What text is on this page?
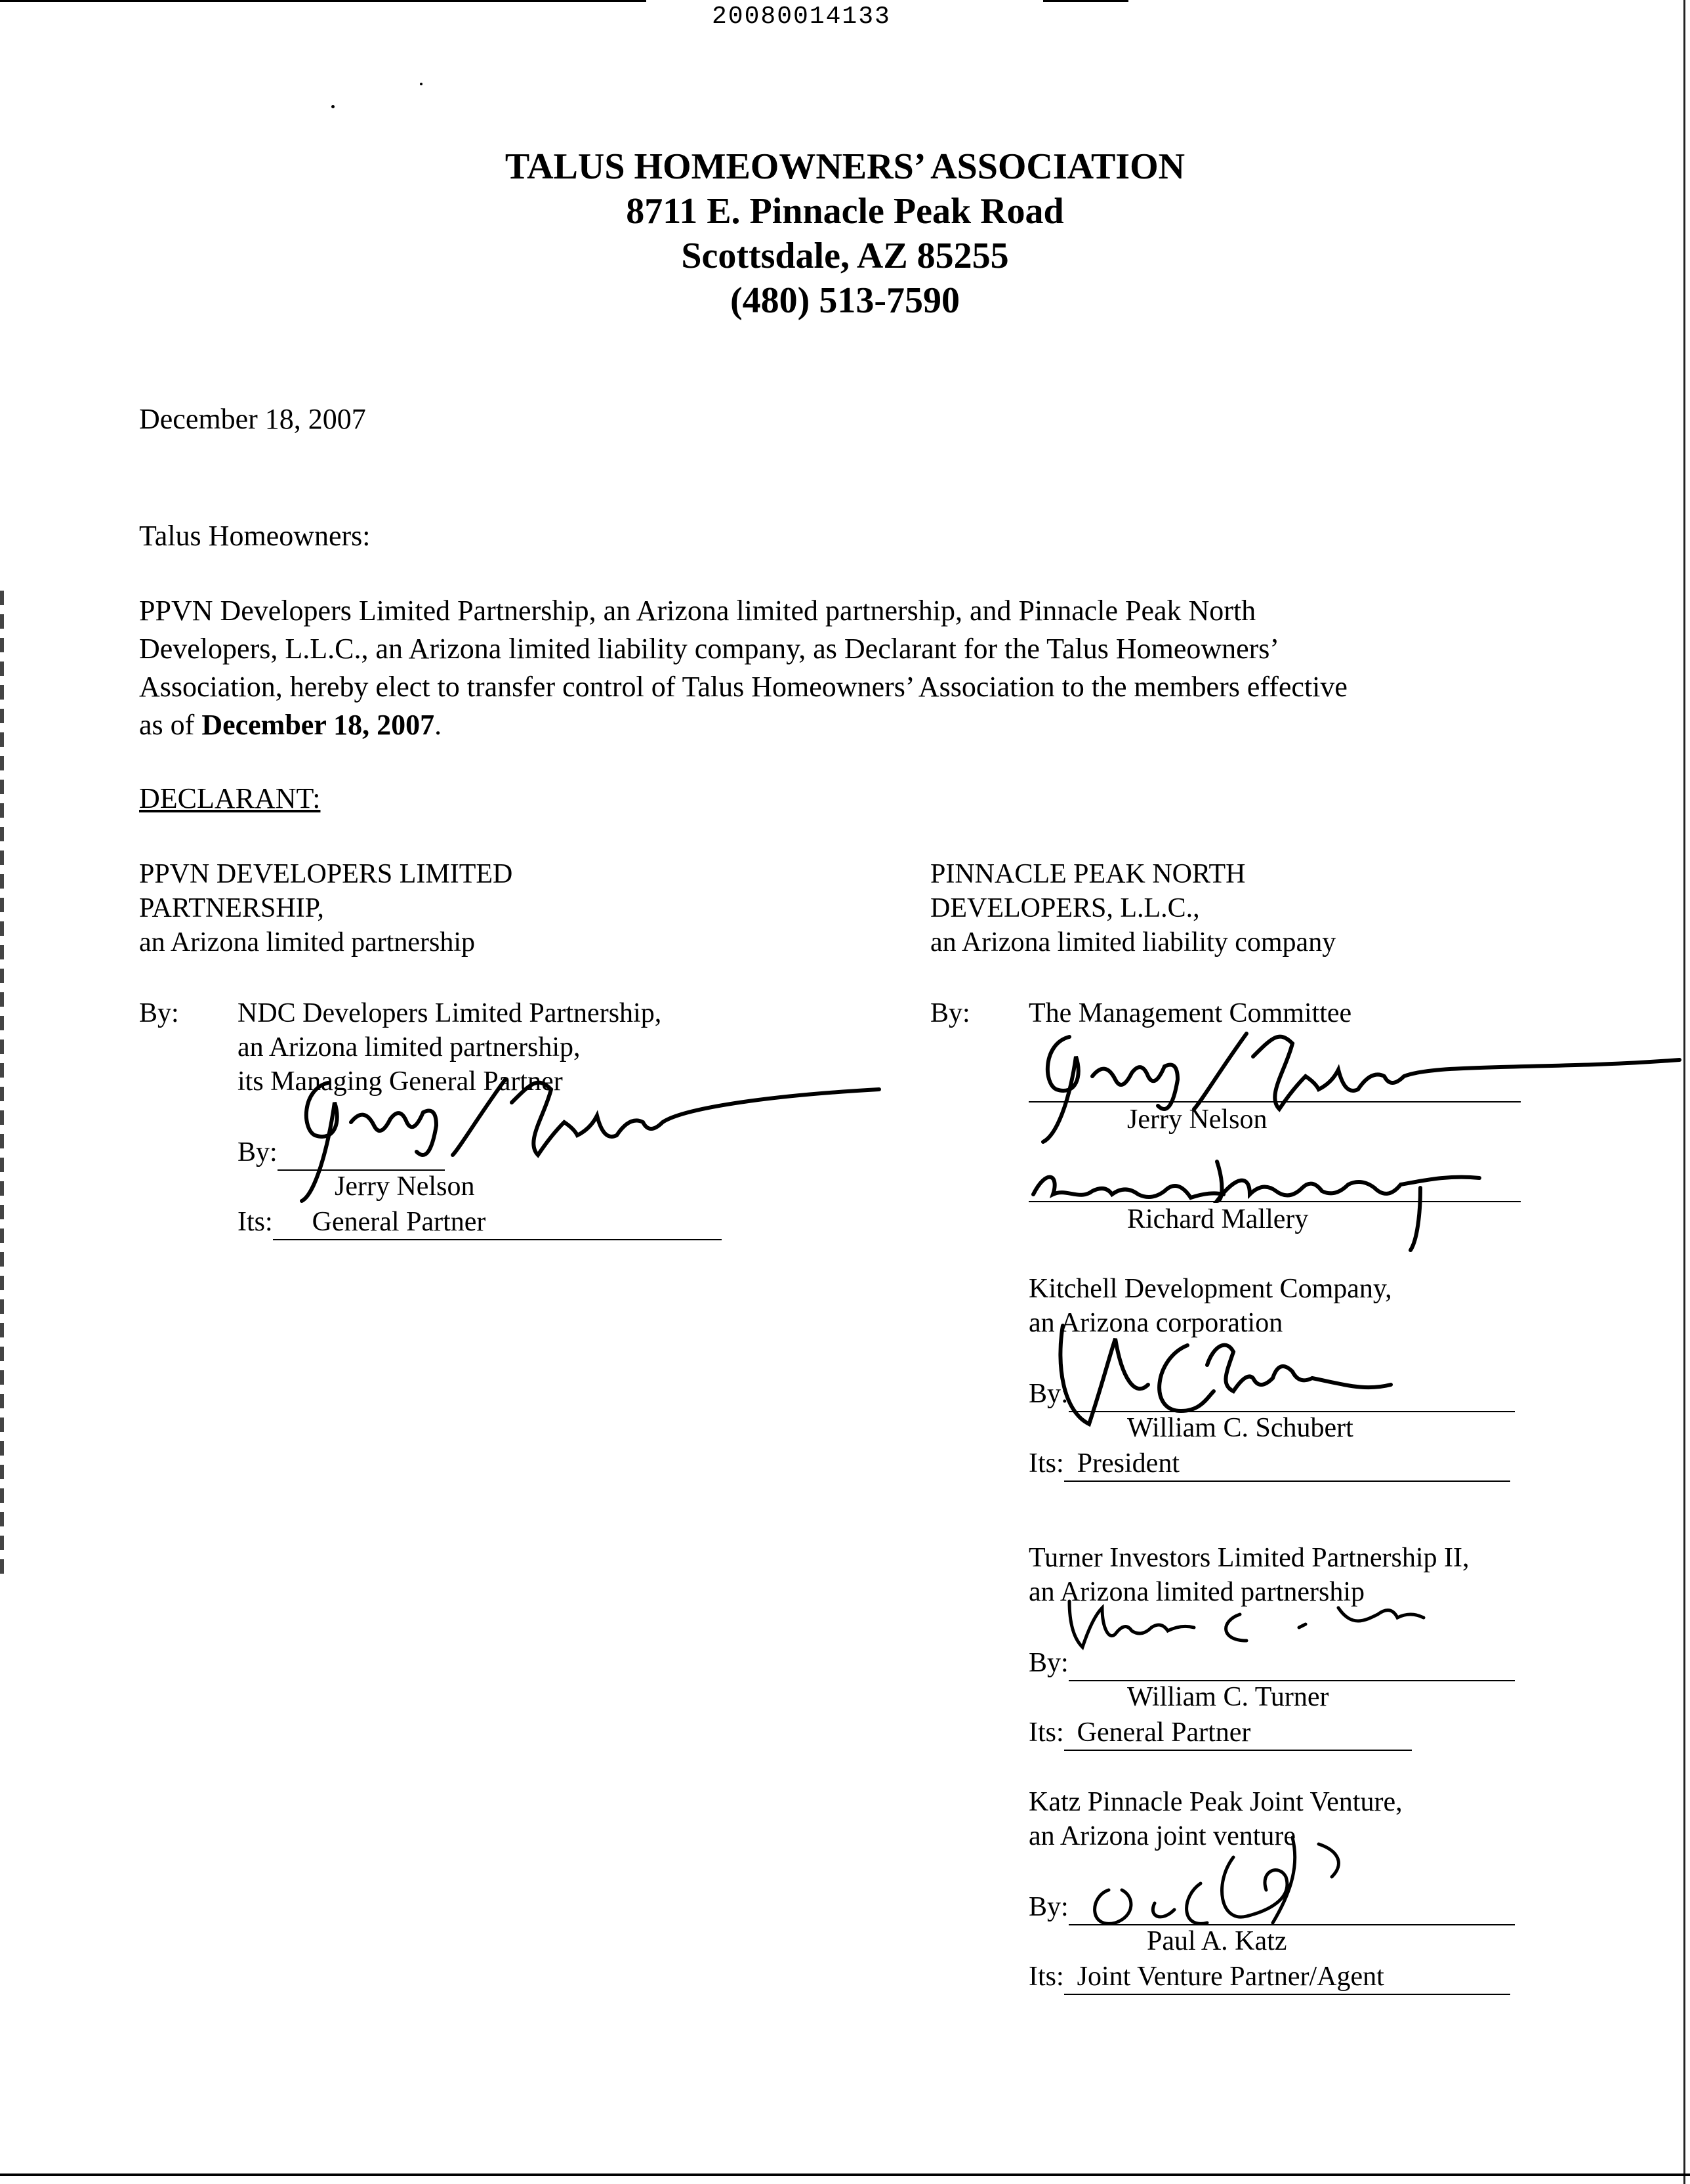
20080014133
TALUS HOMEOWNERS’ ASSOCIATION
8711 E. Pinnacle Peak Road
Scottsdale, AZ 85255
(480) 513-7590
December 18, 2007
Talus Homeowners:
PPVN Developers Limited Partnership, an Arizona limited partnership, and Pinnacle Peak North
Developers, L.L.C., an Arizona limited liability company, as Declarant for the Talus Homeowners’
Association, hereby elect to transfer control of Talus Homeowners’ Association to the members effective
as of December 18, 2007.
DECLARANT:
PPVN DEVELOPERS LIMITED
PARTNERSHIP,
an Arizona limited partnership
By: NDC Developers Limited Partnership,
an Arizona limited partnership,
its Managing General Partner
By:
Jerry Nelson
Its: General Partner
PINNACLE PEAK NORTH
DEVELOPERS, L.L.C.,
an Arizona limited liability company
By: The Management Committee
Jerry Nelson
Richard Mallery
Kitchell Development Company,
an Arizona corporation
By:
William C. Schubert
Its: President
Turner Investors Limited Partnership II,
an Arizona limited partnership
By:
William C. Turner
Its: General Partner
Katz Pinnacle Peak Joint Venture,
an Arizona joint venture
By:
Paul A. Katz
Its: Joint Venture Partner/Agent
